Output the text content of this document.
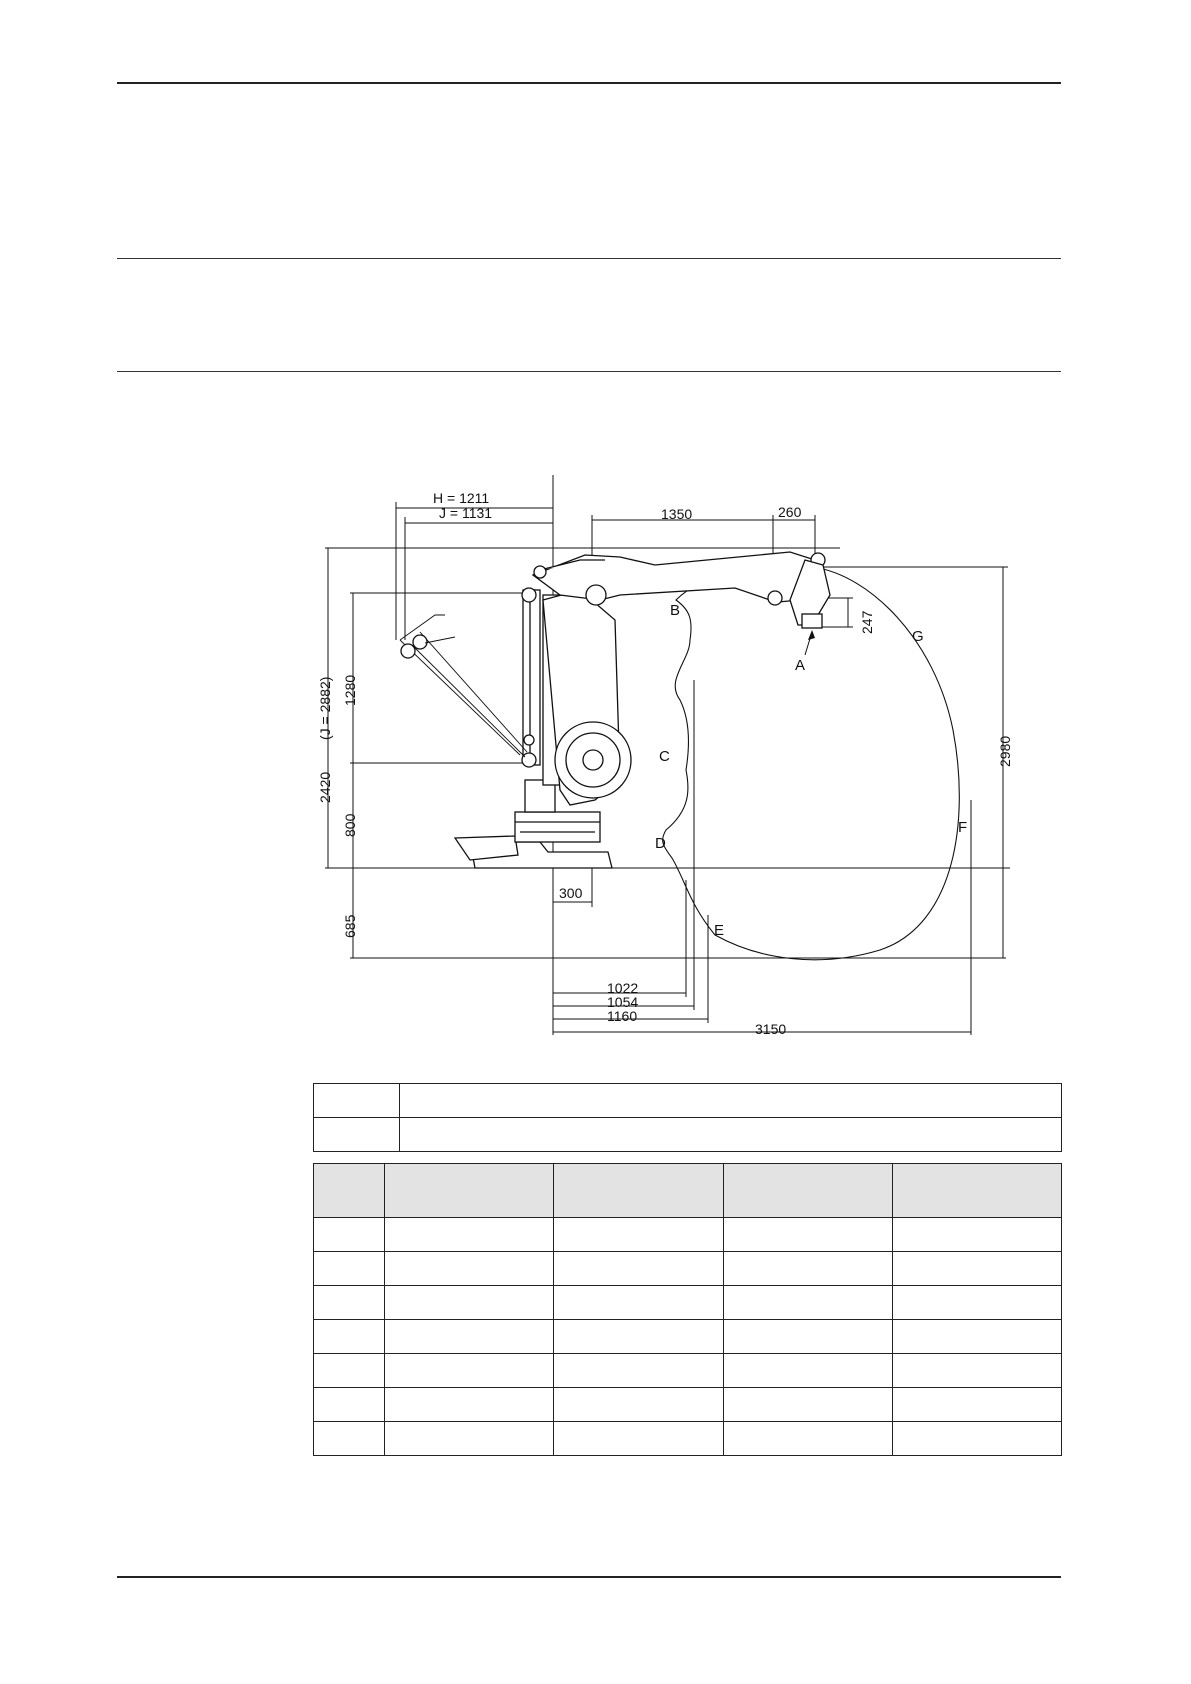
H = 1211
J = 1131	1350	260
247
2420
(J = 2882) 1280
800
685
2980
300
1022
1054
1160
3150
A
B
C
D
E
F
G
